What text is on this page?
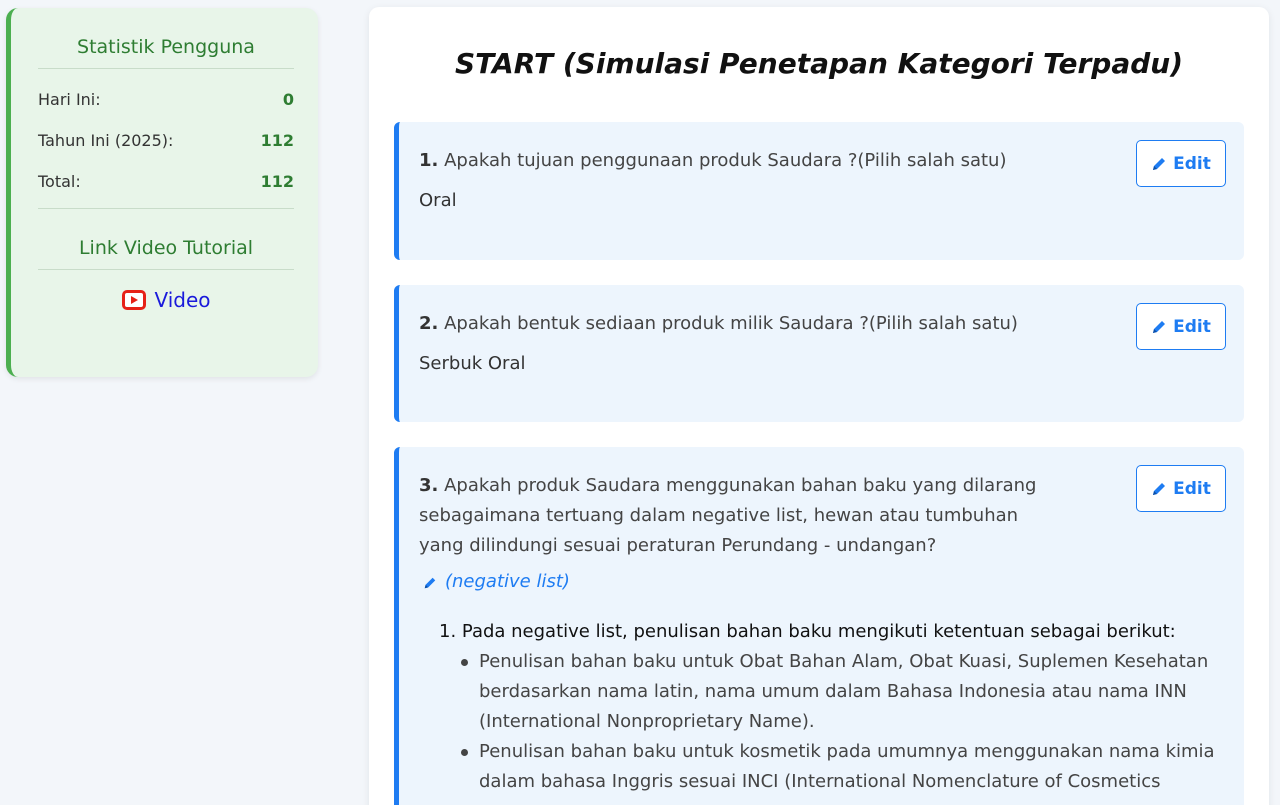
Statistik Pengguna
Hari Ini:	0
Tahun Ini (2025):	112
Total:	112
Link Video Tutorial
Video
START (Simulasi Penetapan Kategori Terpadu)
1. Apakah tujuan penggunaan produk Saudara ?(Pilih salah satu)
Oral
Edit
2. Apakah bentuk sediaan produk milik Saudara ?(Pilih salah satu)
Serbuk Oral
Edit
3. Apakah produk Saudara menggunakan bahan baku yang dilarang sebagaimana tertuang dalam negative list, hewan atau tumbuhan yang dilindungi sesuai peraturan Perundang - undangan?
Edit
(negative list)
1. Pada negative list, penulisan bahan baku mengikuti ketentuan sebagai berikut:
Penulisan bahan baku untuk Obat Bahan Alam, Obat Kuasi, Suplemen Kesehatan berdasarkan nama latin, nama umum dalam Bahasa Indonesia atau nama INN (International Nonproprietary Name).
Penulisan bahan baku untuk kosmetik pada umumnya menggunakan nama kimia dalam bahasa Inggris sesuai INCI (International Nomenclature of Cosmetics
